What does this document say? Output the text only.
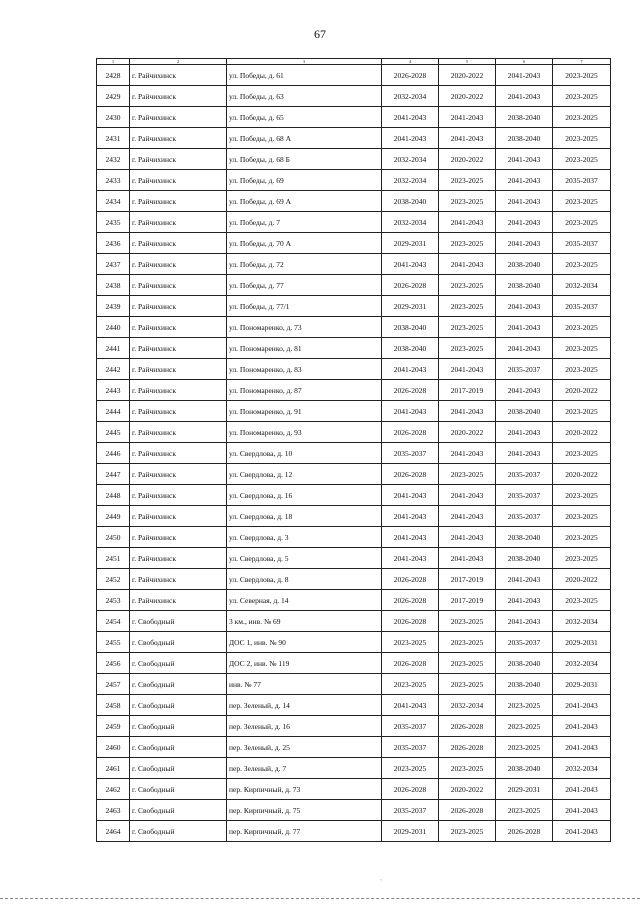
67
1	2	3	4	5	6	7
2428	г. Райчихинск	ул. Победы, д. 61	2026-2028	2020-2022	2041-2043	2023-2025
2429	г. Райчихинск	ул. Победы, д. 63	2032-2034	2020-2022	2041-2043	2023-2025
2430	г. Райчихинск	ул. Победы, д. 65	2041-2043	2041-2043	2038-2040	2023-2025
2431	г. Райчихинск	ул. Победы, д. 68 А	2041-2043	2041-2043	2038-2040	2023-2025
2432	г. Райчихинск	ул. Победы, д. 68 Б	2032-2034	2020-2022	2041-2043	2023-2025
2433	г. Райчихинск	ул. Победы, д. 69	2032-2034	2023-2025	2041-2043	2035-2037
2434	г. Райчихинск	ул. Победы, д. 69 А	2038-2040	2023-2025	2041-2043	2023-2025
2435	г. Райчихинск	ул. Победы, д. 7	2032-2034	2041-2043	2041-2043	2023-2025
2436	г. Райчихинск	ул. Победы, д. 70 А	2029-2031	2023-2025	2041-2043	2035-2037
2437	г. Райчихинск	ул. Победы, д. 72	2041-2043	2041-2043	2038-2040	2023-2025
2438	г. Райчихинск	ул. Победы, д. 77	2026-2028	2023-2025	2038-2040	2032-2034
2439	г. Райчихинск	ул. Победы, д. 77/1	2029-2031	2023-2025	2041-2043	2035-2037
2440	г. Райчихинск	ул. Пономаренко, д. 73	2038-2040	2023-2025	2041-2043	2023-2025
2441	г. Райчихинск	ул. Пономаренко, д. 81	2038-2040	2023-2025	2041-2043	2023-2025
2442	г. Райчихинск	ул. Пономаренко, д. 83	2041-2043	2041-2043	2035-2037	2023-2025
2443	г. Райчихинск	ул. Пономаренко, д. 87	2026-2028	2017-2019	2041-2043	2020-2022
2444	г. Райчихинск	ул. Пономаренко, д. 91	2041-2043	2041-2043	2038-2040	2023-2025
2445	г. Райчихинск	ул. Пономаренко, д. 93	2026-2028	2020-2022	2041-2043	2020-2022
2446	г. Райчихинск	ул. Свердлова, д. 10	2035-2037	2041-2043	2041-2043	2023-2025
2447	г. Райчихинск	ул. Свердлова, д. 12	2026-2028	2023-2025	2035-2037	2020-2022
2448	г. Райчихинск	ул. Свердлова, д. 16	2041-2043	2041-2043	2035-2037	2023-2025
2449	г. Райчихинск	ул. Свердлова, д. 18	2041-2043	2041-2043	2035-2037	2023-2025
2450	г. Райчихинск	ул. Свердлова, д. 3	2041-2043	2041-2043	2038-2040	2023-2025
2451	г. Райчихинск	ул. Свердлова, д. 5	2041-2043	2041-2043	2038-2040	2023-2025
2452	г. Райчихинск	ул. Свердлова, д. 8	2026-2028	2017-2019	2041-2043	2020-2022
2453	г. Райчихинск	ул. Северная, д. 14	2026-2028	2017-2019	2041-2043	2023-2025
2454	г. Свободный	3 км., инв. № 69	2026-2028	2023-2025	2041-2043	2032-2034
2455	г. Свободный	ДОС 1, инв. № 90	2023-2025	2023-2025	2035-2037	2029-2031
2456	г. Свободный	ДОС 2, инв. № 119	2026-2028	2023-2025	2038-2040	2032-2034
2457	г. Свободный	инв. № 77	2023-2025	2023-2025	2038-2040	2029-2031
2458	г. Свободный	пер. Зеленый, д. 14	2041-2043	2032-2034	2023-2025	2041-2043
2459	г. Свободный	пер. Зеленый, д. 16	2035-2037	2026-2028	2023-2025	2041-2043
2460	г. Свободный	пер. Зеленый, д. 25	2035-2037	2026-2028	2023-2025	2041-2043
2461	г. Свободный	пер. Зеленый, д. 7	2023-2025	2023-2025	2038-2040	2032-2034
2462	г. Свободный	пер. Кирпичный, д. 73	2026-2028	2020-2022	2029-2031	2041-2043
2463	г. Свободный	пер. Кирпичный, д. 75	2035-2037	2026-2028	2023-2025	2041-2043
2464	г. Свободный	пер. Кирпичный, д. 77	2029-2031	2023-2025	2026-2028	2041-2043
`
